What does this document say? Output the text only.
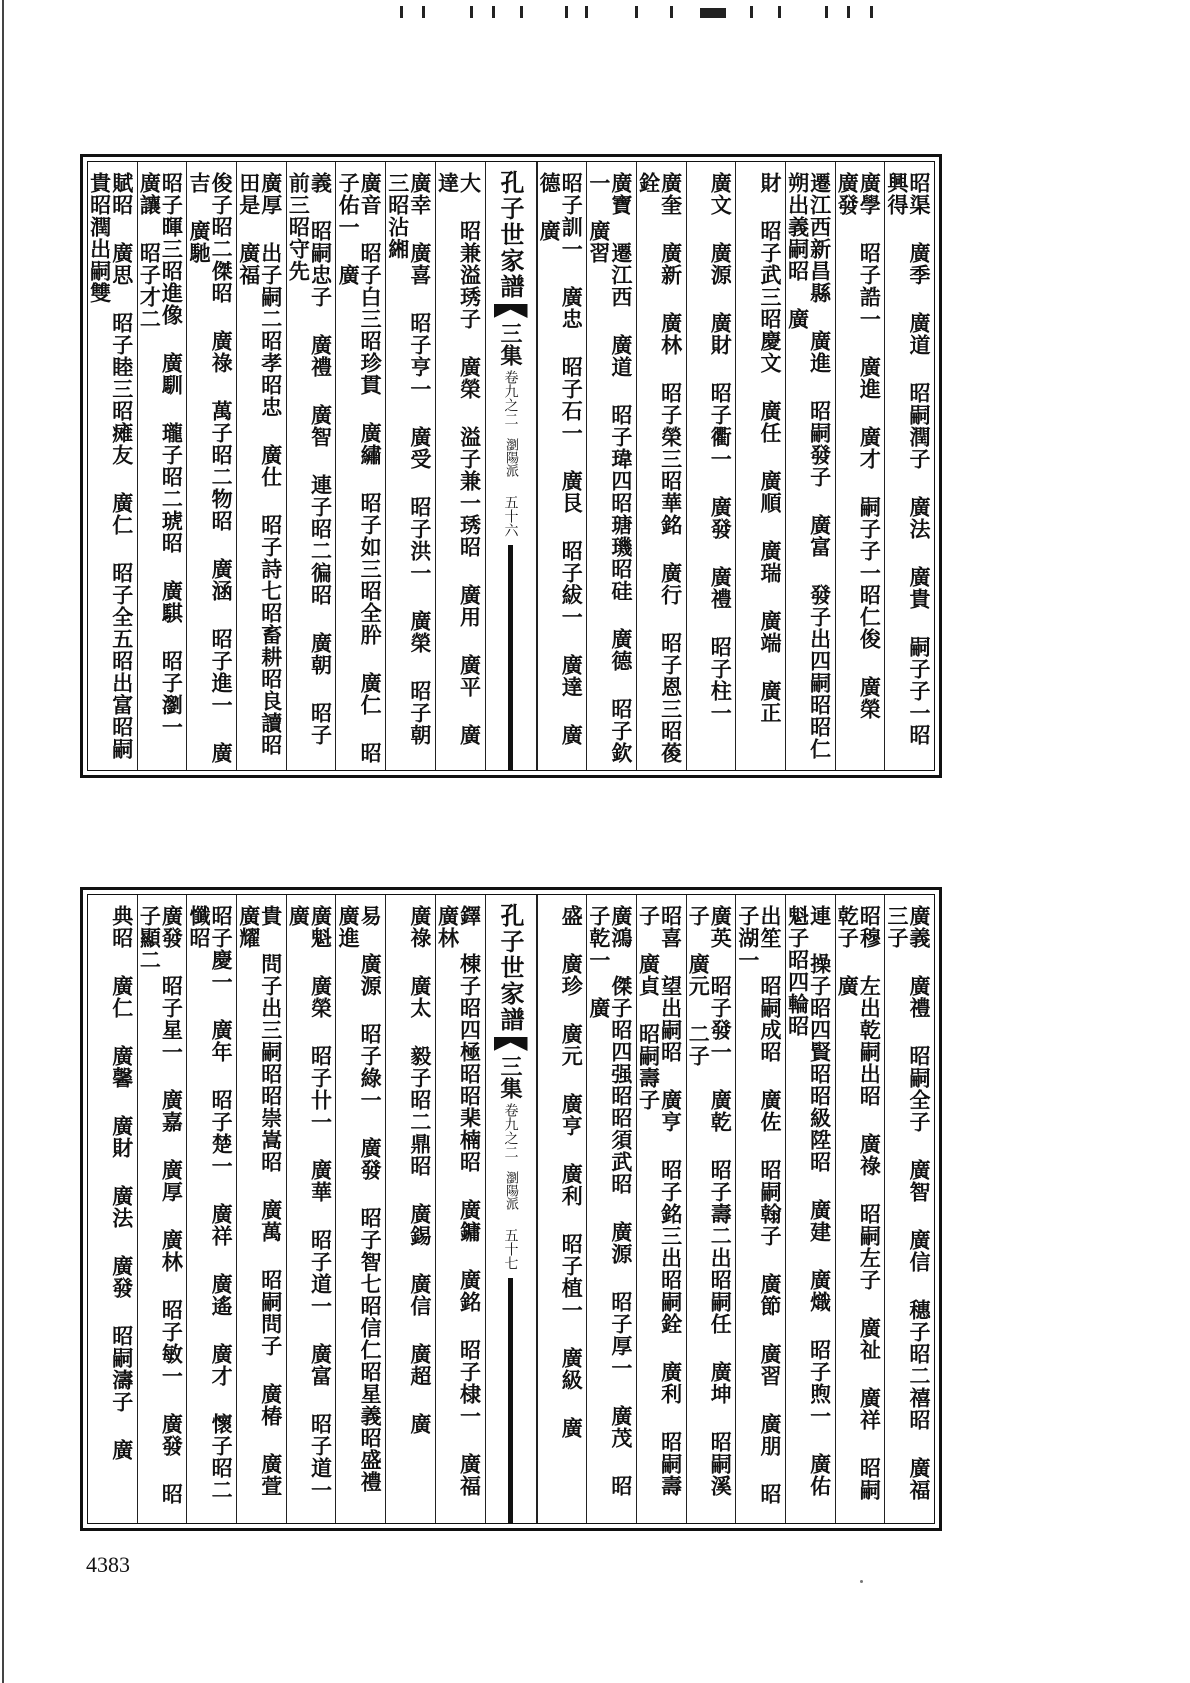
昭渠 廣季 廣道 昭嗣潤子 廣法 廣貴 嗣子子一昭興得
廣學 昭子誥一 廣進 廣才 嗣子子一昭仁俊 廣榮 廣發
遷江西新昌縣 廣進 昭嗣發子 廣富 發子出四嗣昭昭仁朔出義嗣昭 廣
財 昭子武三昭慶文 廣任 廣順 廣瑞 廣端 廣正
廣文 廣源 廣財 昭子衢一 廣發 廣禮 昭子柱一
廣奎 廣新 廣林 昭子榮三昭華銘 廣行 昭子恩三昭葰銓
廣寶 遷江西 廣道 昭子瑋四昭瑭璣昭硅 廣德 昭子欽一 廣習
昭子訓一 廣忠 昭子石一 廣艮 昭子紱一 廣達 廣德 廣
孔子世家譜
三集
卷九之二
瀏陽派
五十六
大 昭兼溢琇子 廣榮 溢子兼一琇昭 廣用 廣平 廣達
廣幸 廣喜 昭子亨一 廣受 昭子洪一 廣榮 昭子朝三昭沾緗
廣音 昭子白三昭珍貫 廣繡 昭子如三昭全肸 廣仁 昭子佑一 廣
義 昭嗣忠子 廣禮 廣智 連子昭二徧昭 廣朝 昭子前三昭守先
廣厚 出子嗣二昭孝昭忠 廣仕 昭子詩七昭畜耕昭良讀昭田是 廣福
俊子昭二傑昭 廣祿 萬子昭二物昭 廣涵 昭子進一 廣吉 廣馳
昭子暉三昭進像 廣馴 瓏子昭二琥昭 廣騏 昭子瀏一 廣讓 昭子才二
賦昭 廣思 昭子睦三昭瘫友 廣仁 昭子全五昭出富昭嗣貴昭潤出嗣雙
廣義 廣禮 昭嗣全子 廣智 廣信 穗子昭二禧昭 廣福 三子
昭穆 左出乾嗣出昭 廣祿 昭嗣左子 廣祉 廣祥 昭嗣乾子 廣
連 操子昭四賢昭昭級陞昭 廣建 廣熾 昭子煦一 廣佑 魁子昭四輪昭
出笙 昭嗣成昭 廣佐 昭嗣翰子 廣節 廣習 廣朋 昭子湖一
廣英 昭子發一 廣乾 昭子壽二出昭嗣任 廣坤 昭嗣溪子 廣元 二子
昭喜 望出嗣昭 廣亨 昭子銘三出昭嗣銓 廣利 昭嗣壽子 廣貞 昭嗣壽子
廣鴻 傑子昭四强昭昭須武昭 廣源 昭子厚一 廣茂 昭子乾一 廣
盛 廣珍 廣元 廣亨 廣利 昭子植一 廣級 廣
孔子世家譜
三集
卷九之二
瀏陽派
五十七
鐸 棟子昭四極昭昭棐楠昭 廣鏞 廣銘 昭子棣一 廣福 廣林
廣祿 廣太 毅子昭二鼎昭 廣錫 廣信 廣超 廣
易 廣源 昭子綠一 廣發 昭子智七昭信仁昭星義昭盛禮 廣進
廣魁 廣榮 昭子卄一 廣華 昭子道一 廣富 昭子道一 廣
貴 問子出三嗣昭昭崇嵩昭 廣萬 昭嗣問子 廣椿 廣萱 廣耀
昭子慶一 廣年 昭子楚一 廣祥 廣遙 廣才 懷子昭二懺昭
廣發 昭子星一 廣嘉 廣厚 廣林 昭子敏一 廣發 昭子顯二
典昭 廣仁 廣馨 廣財 廣法 廣發 昭嗣濤子 廣
4383
